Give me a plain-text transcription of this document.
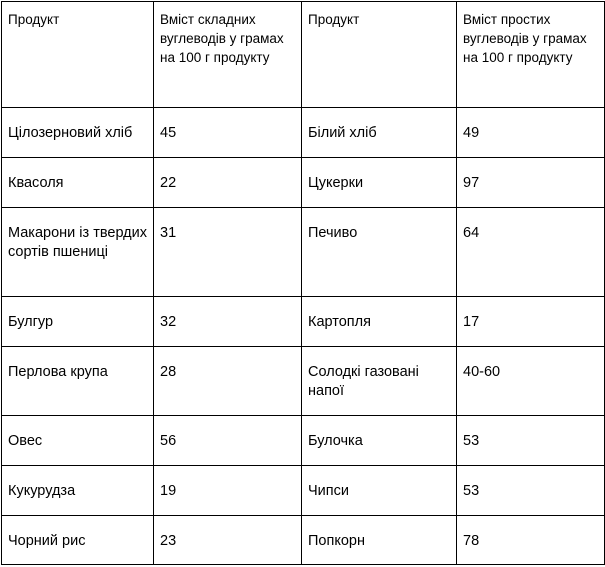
Продукт	Вміст складних вуглеводів у грамах на 100 г продукту	Продукт	Вміст простих вуглеводів у грамах на 100 г продукту

Цілозерновий хліб	45	Білий хліб	49

Квасоля	22	Цукерки	97

Макарони із твердих сортів пшениці	31	Печиво	64

Булгур	32	Картопля	17

Перлова крупа	28	Солодкі газовані напої	40-60

Овес	56	Булочка	53

Кукурудза	19	Чипси	53

Чорний рис	23	Попкорн	78
